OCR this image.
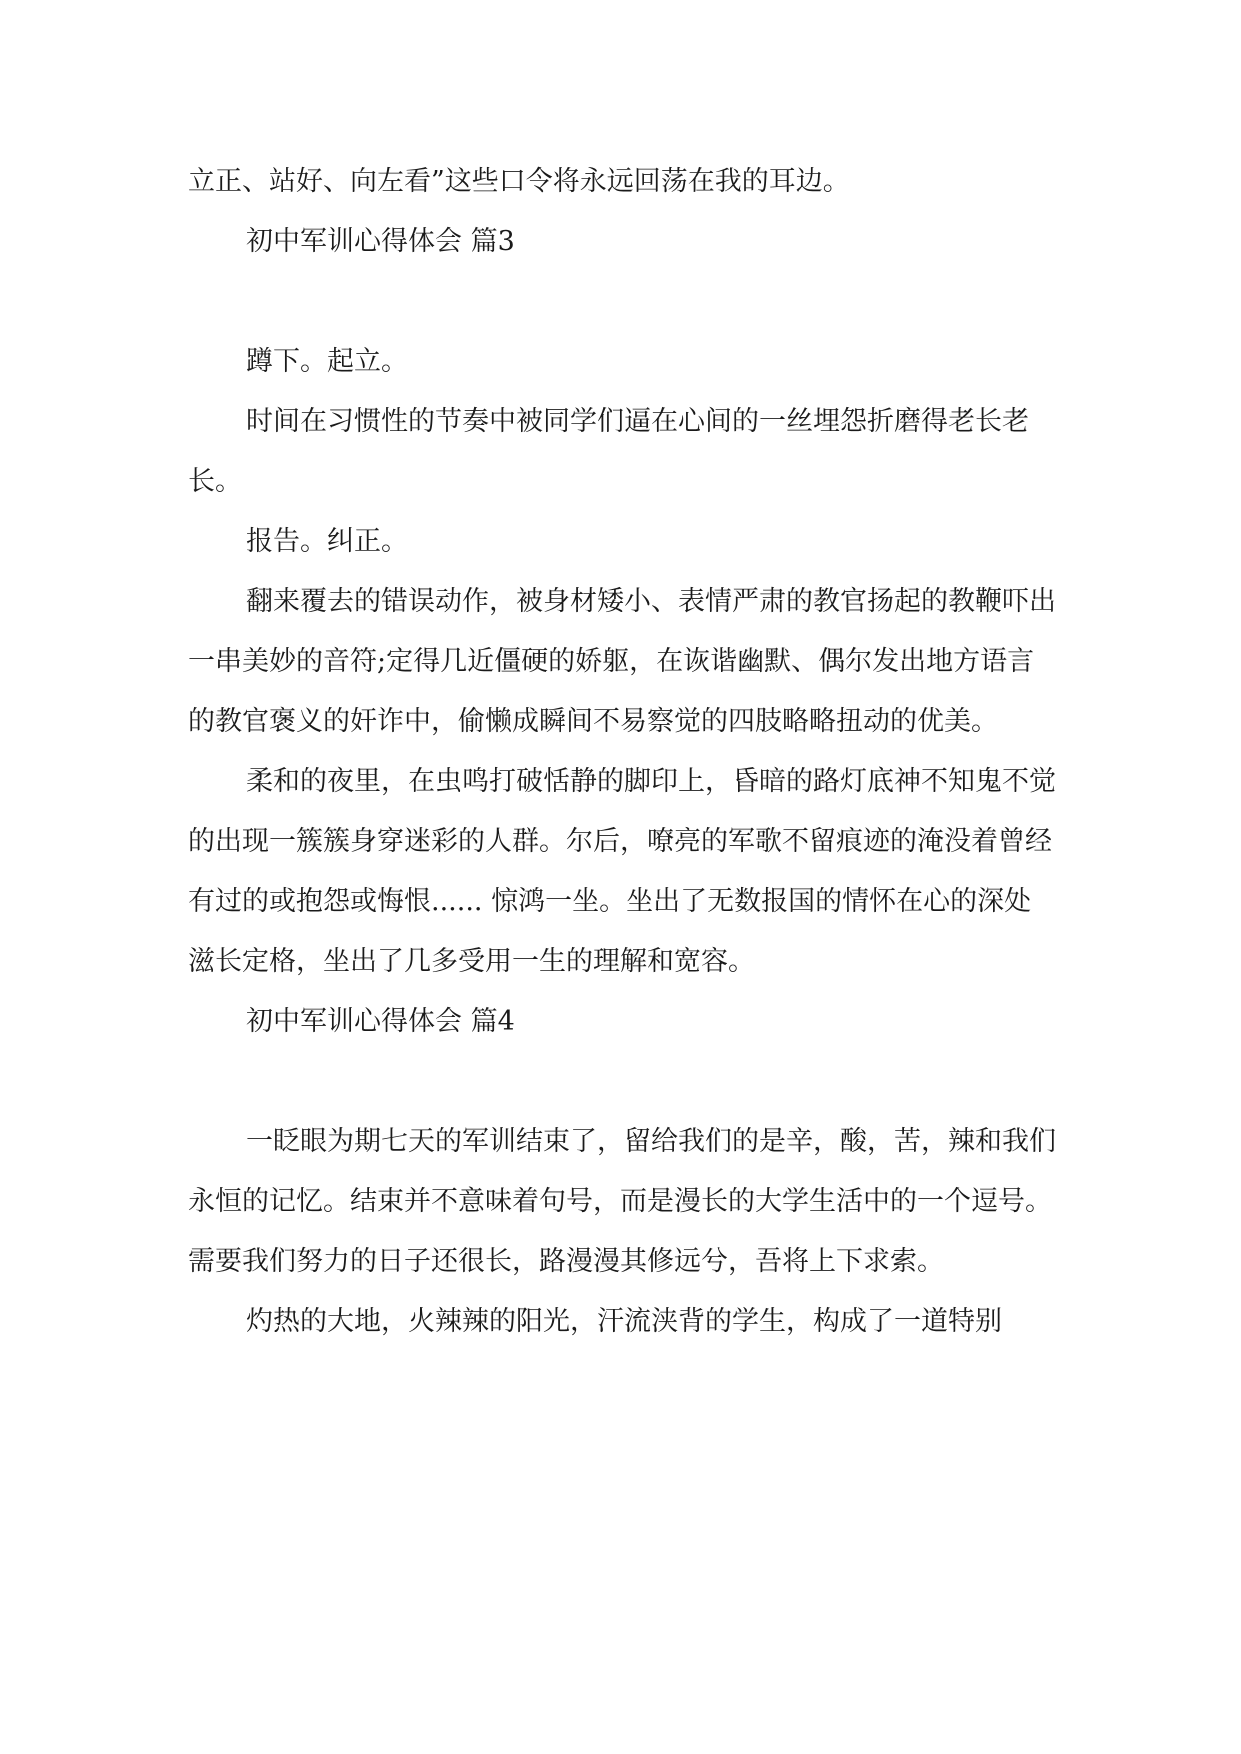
立正、站好、向左看”这些口令将永远回荡在我的耳边。

初中军训心得体会 篇3

蹲下。起立。

时间在习惯性的节奏中被同学们逼在心间的一丝埋怨折磨得老长老长。

报告。纠正。

翻来覆去的错误动作，被身材矮小、表情严肃的教官扬起的教鞭吓出一串美妙的音符;定得几近僵硬的娇躯，在诙谐幽默、偶尔发出地方语言的教官褒义的奸诈中，偷懒成瞬间不易察觉的四肢略略扭动的优美。

柔和的夜里，在虫鸣打破恬静的脚印上，昏暗的路灯底神不知鬼不觉的出现一簇簇身穿迷彩的人群。尔后，嘹亮的军歌不留痕迹的淹没着曾经有过的或抱怨或悔恨...... 惊鸿一坐。坐出了无数报国的情怀在心的深处滋长定格，坐出了几多受用一生的理解和宽容。

初中军训心得体会 篇4

一眨眼为期七天的军训结束了，留给我们的是辛，酸，苦，辣和我们永恒的记忆。结束并不意味着句号，而是漫长的大学生活中的一个逗号。需要我们努力的日子还很长，路漫漫其修远兮，吾将上下求索。

灼热的大地，火辣辣的阳光，汗流浃背的学生，构成了一道特别
